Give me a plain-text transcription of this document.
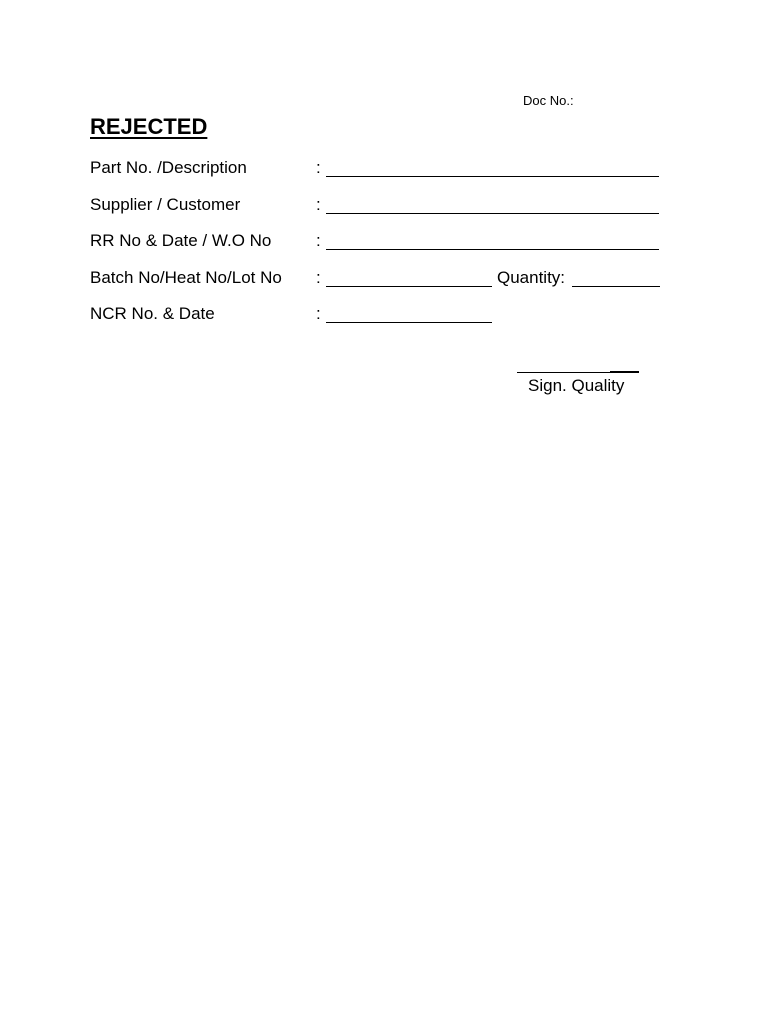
Doc No.:
REJECTED
Part No. /Description	:
Supplier / Customer	:
RR No & Date / W.O No	:
Batch No/Heat No/Lot No :	Quantity:
NCR No. & Date	:
Sign. Quality
